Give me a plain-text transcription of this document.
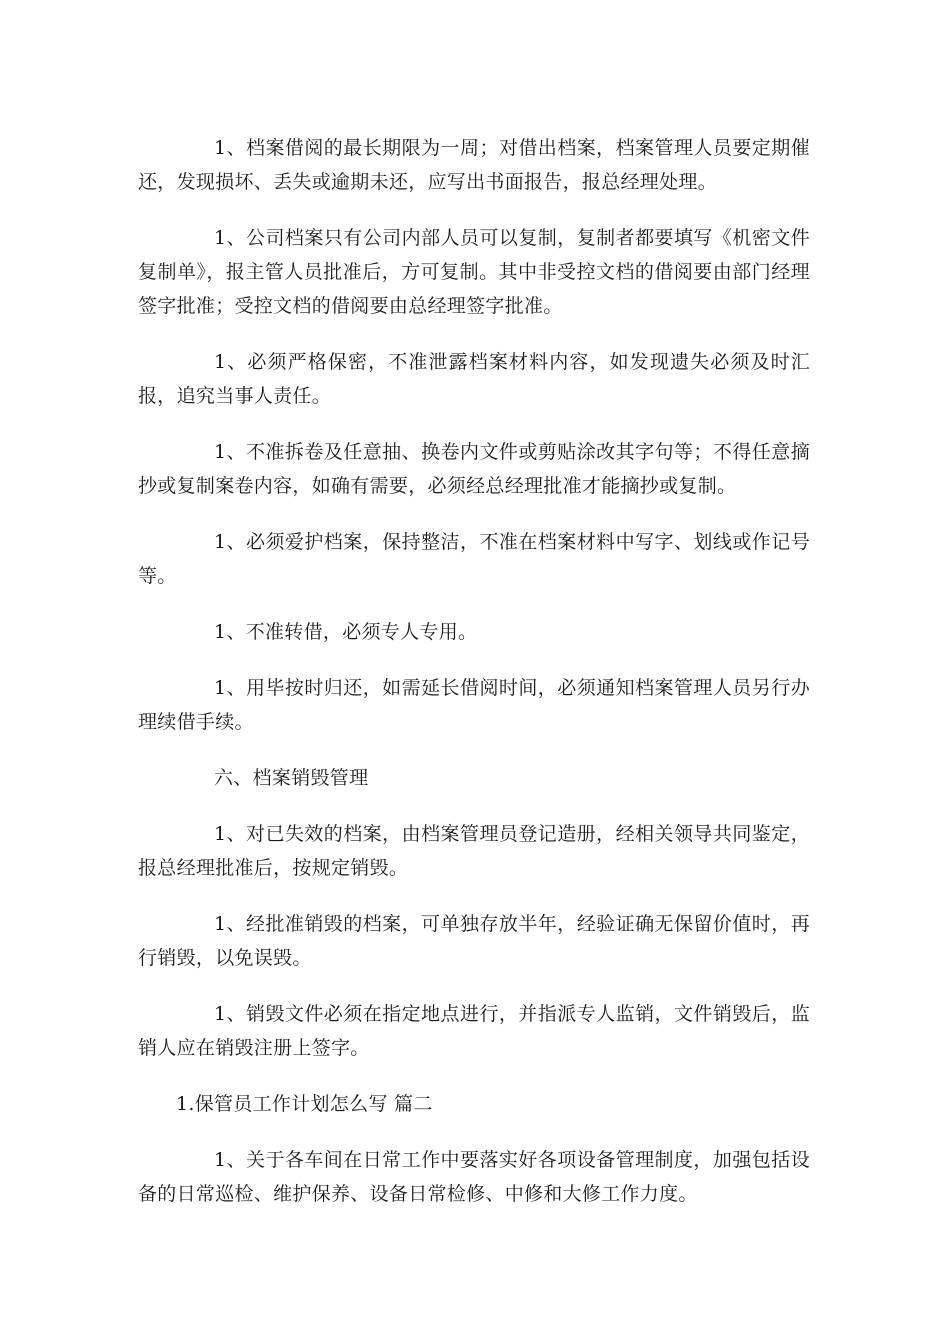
1、档案借阅的最长期限为一周；对借出档案，档案管理人员要定期催还，发现损坏、丢失或逾期未还，应写出书面报告，报总经理处理。

1、公司档案只有公司内部人员可以复制，复制者都要填写《机密文件复制单》，报主管人员批准后，方可复制。其中非受控文档的借阅要由部门经理签字批准；受控文档的借阅要由总经理签字批准。

1、必须严格保密，不准泄露档案材料内容，如发现遗失必须及时汇报，追究当事人责任。

1、不准拆卷及任意抽、换卷内文件或剪贴涂改其字句等；不得任意摘抄或复制案卷内容，如确有需要，必须经总经理批准才能摘抄或复制。

1、必须爱护档案，保持整洁，不准在档案材料中写字、划线或作记号等。

1、不准转借，必须专人专用。

1、用毕按时归还，如需延长借阅时间，必须通知档案管理人员另行办理续借手续。

六、档案销毁管理

1、对已失效的档案，由档案管理员登记造册，经相关领导共同鉴定，报总经理批准后，按规定销毁。

1、经批准销毁的档案，可单独存放半年，经验证确无保留价值时，再行销毁，以免误毁。

1、销毁文件必须在指定地点进行，并指派专人监销，文件销毁后，监销人应在销毁注册上签字。

1.保管员工作计划怎么写 篇二

1、关于各车间在日常工作中要落实好各项设备管理制度，加强包括设备的日常巡检、维护保养、设备日常检修、中修和大修工作力度。
